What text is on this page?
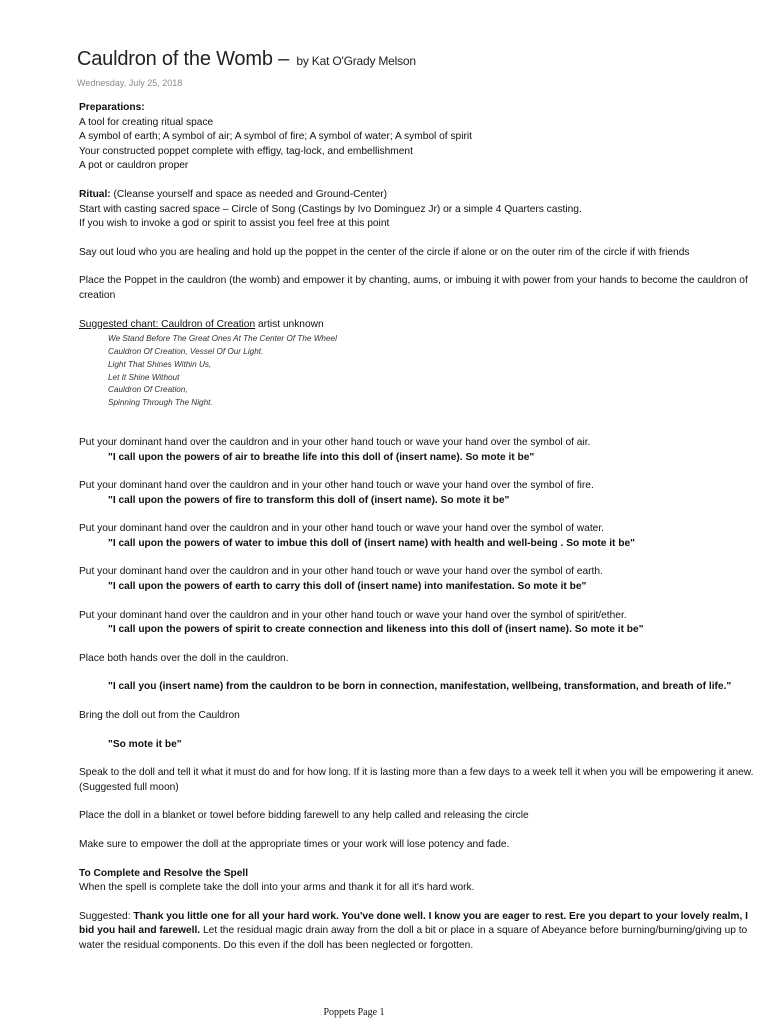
Cauldron of the Womb – by Kat O'Grady Melson
Wednesday, July 25, 2018

Preparations:

A tool for creating ritual space

A symbol of earth; A symbol of air; A symbol of fire; A symbol of water; A symbol of spirit

Your constructed poppet complete with effigy, tag-lock, and embellishment

A pot or cauldron proper

Ritual: (Cleanse yourself and space as needed and Ground-Center)

Start with casting sacred space – Circle of Song (Castings by Ivo Dominguez Jr) or a simple 4 Quarters casting.

If you wish to invoke a god or spirit to assist you feel free at this point

Say out loud who you are healing and hold up the poppet in the center of the circle if alone or on the outer rim of the circle if with friends

Place the Poppet in the cauldron (the womb) and empower it by chanting, aums, or imbuing it with power from your hands to become the cauldron of creation

Suggested chant: Cauldron of Creation artist unknown

We Stand Before The Great Ones At The Center Of The Wheel
Cauldron Of Creation, Vessel Of Our Light.
Light That Shines Within Us,
Let It Shine Without
Cauldron Of Creation,
Spinning Through The Night.

Put your dominant hand over the cauldron and in your other hand touch or wave your hand over the symbol of air.

"I call upon the powers of air to breathe life into this doll of (insert name). So mote it be"

Put your dominant hand over the cauldron and in your other hand touch or wave your hand over the symbol of fire.

"I call upon the powers of fire to transform this doll of (insert name). So mote it be"

Put your dominant hand over the cauldron and in your other hand touch or wave your hand over the symbol of water.

"I call upon the powers of water to imbue this doll of (insert name) with health and well-being . So mote it be"

Put your dominant hand over the cauldron and in your other hand touch or wave your hand over the symbol of earth.

"I call upon the powers of earth to carry this doll of (insert name) into manifestation. So mote it be"

Put your dominant hand over the cauldron and in your other hand touch or wave your hand over the symbol of spirit/ether.

"I call upon the powers of spirit to create connection and likeness into this doll of (insert name). So mote it be"

Place both hands over the doll in the cauldron.

"I call you (insert name) from the cauldron to be born in connection, manifestation, wellbeing, transformation, and breath of life."

Bring the doll out from the Cauldron

"So mote it be"

Speak to the doll and tell it what it must do and for how long. If it is lasting more than a few days to a week tell it when you will be empowering it anew. (Suggested full moon)

Place the doll in a blanket or towel before bidding farewell to any help called and releasing the circle

Make sure to empower the doll at the appropriate times or your work will lose potency and fade.

To Complete and Resolve the Spell

When the spell is complete take the doll into your arms and thank it for all it's hard work.

Suggested: Thank you little one for all your hard work. You've done well. I know you are eager to rest. Ere you depart to your lovely realm, I bid you hail and farewell. Let the residual magic drain away from the doll a bit or place in a square of Abeyance before burning/burning/giving up to water the residual components. Do this even if the doll has been neglected or forgotten.

Poppets Page 1
